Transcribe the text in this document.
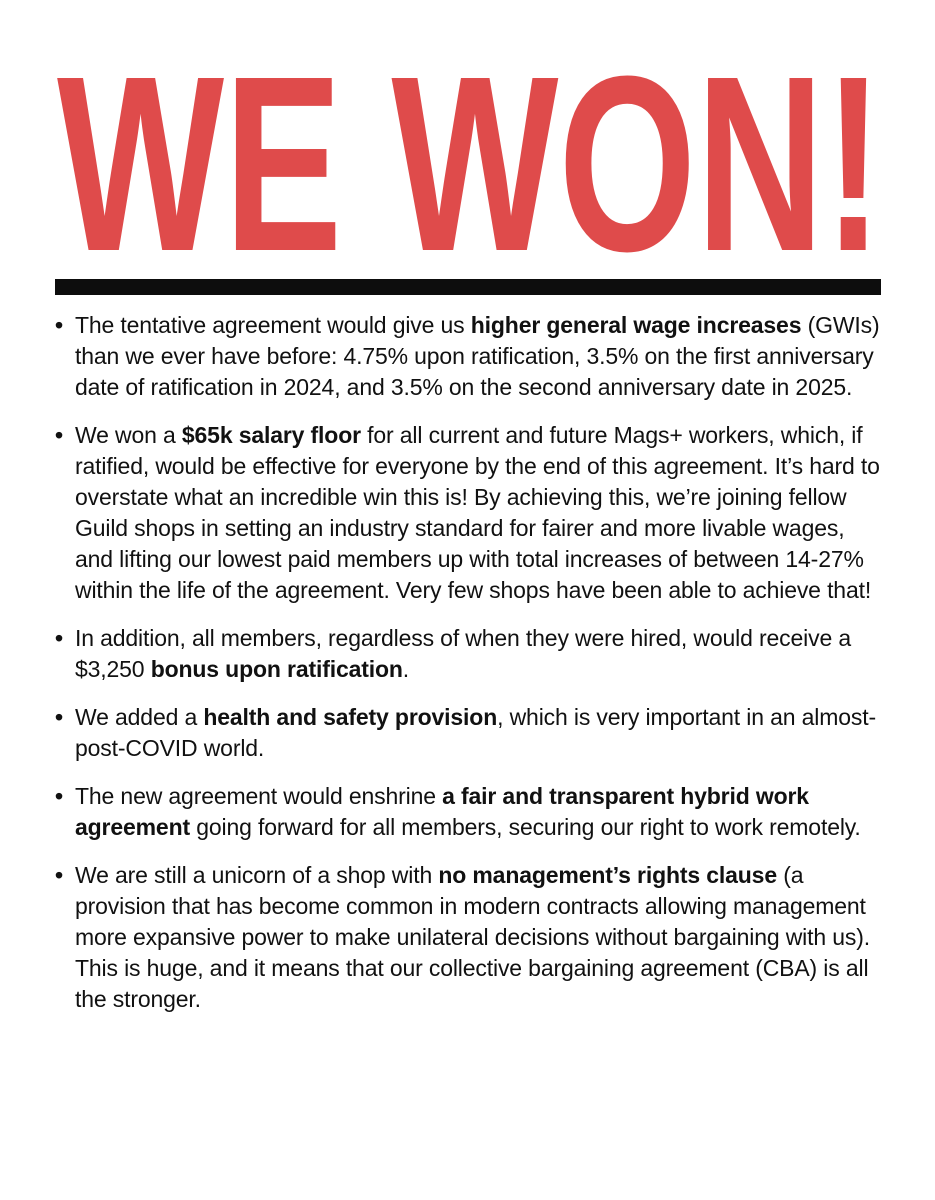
WE WON!
• The tentative agreement would give us higher general wage increases (GWIs) than we ever have before: 4.75% upon ratification, 3.5% on the first anniversary date of ratification in 2024, and 3.5% on the second anniversary date in 2025.
• We won a $65k salary floor for all current and future Mags+ workers, which, if ratified, would be effective for everyone by the end of this agreement. It’s hard to overstate what an incredible win this is! By achieving this, we’re joining fellow Guild shops in setting an industry standard for fairer and more livable wages, and lifting our lowest paid members up with total increases of between 14-27% within the life of the agreement. Very few shops have been able to achieve that!
• In addition, all members, regardless of when they were hired, would receive a $3,250 bonus upon ratification.
• We added a health and safety provision, which is very important in an almost-post-COVID world.
• The new agreement would enshrine a fair and transparent hybrid work agreement going forward for all members, securing our right to work remotely.
• We are still a unicorn of a shop with no management’s rights clause (a provision that has become common in modern contracts allowing management more expansive power to make unilateral decisions without bargaining with us). This is huge, and it means that our collective bargaining agreement (CBA) is all the stronger.
